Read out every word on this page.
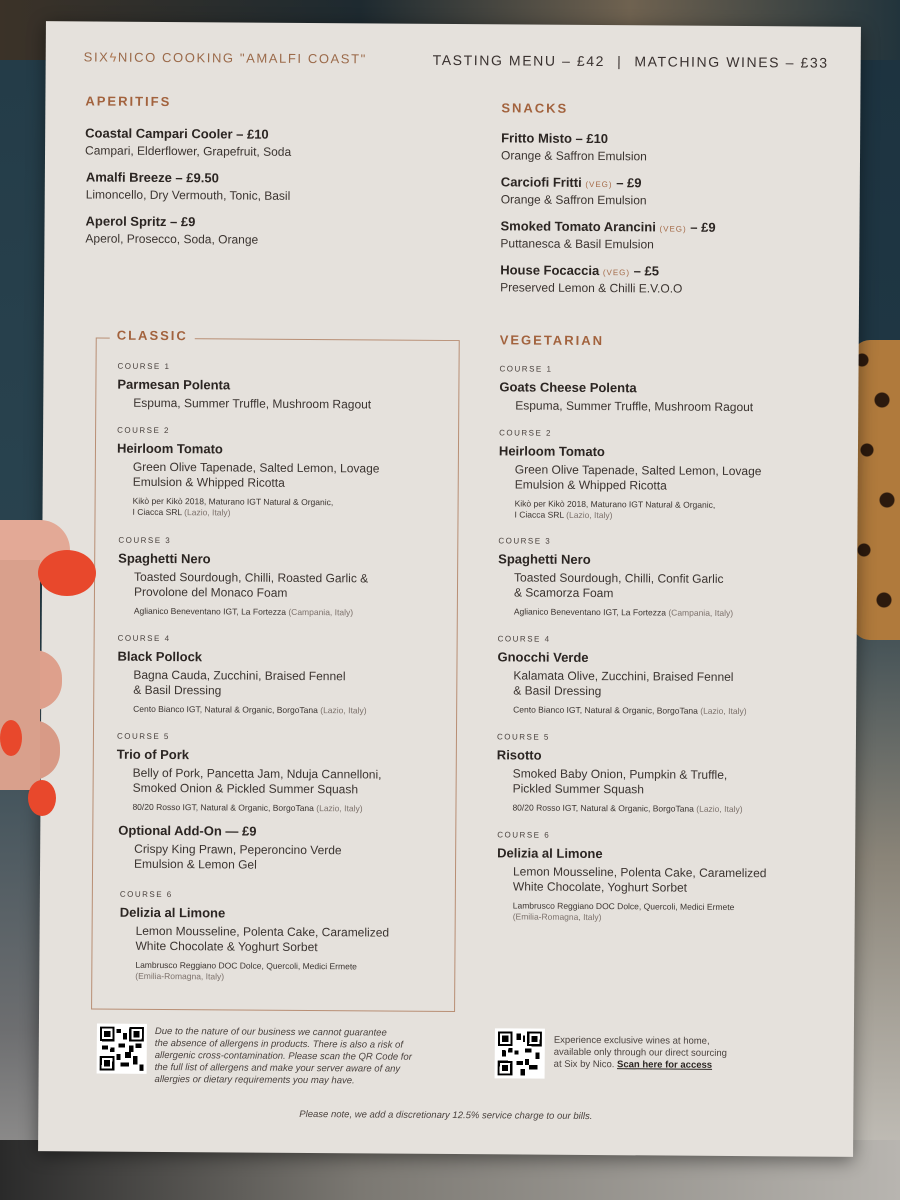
SIXϟNICO COOKING "AMALFI COAST"	TASTING MENU – £42 | MATCHING WINES – £33
APERITIFS
Coastal Campari Cooler – £10
Campari, Elderflower, Grapefruit, Soda
Amalfi Breeze – £9.50
Limoncello, Dry Vermouth, Tonic, Basil
Aperol Spritz – £9
Aperol, Prosecco, Soda, Orange
SNACKS
Fritto Misto – £10
Orange & Saffron Emulsion
Carciofi Fritti (VEG) – £9
Orange & Saffron Emulsion
Smoked Tomato Arancini (VEG) – £9
Puttanesca & Basil Emulsion
House Focaccia (VEG) – £5
Preserved Lemon & Chilli E.V.O.O
CLASSIC
COURSE 1
Parmesan Polenta
Espuma, Summer Truffle, Mushroom Ragout
COURSE 2
Heirloom Tomato
Green Olive Tapenade, Salted Lemon, Lovage
Emulsion & Whipped Ricotta
Kikò per Kikò 2018, Maturano IGT Natural & Organic,
I Ciacca SRL (Lazio, Italy)
COURSE 3
Spaghetti Nero
Toasted Sourdough, Chilli, Roasted Garlic &
Provolone del Monaco Foam
Aglianico Beneventano IGT, La Fortezza (Campania, Italy)
COURSE 4
Black Pollock
Bagna Cauda, Zucchini, Braised Fennel
& Basil Dressing
Cento Bianco IGT, Natural & Organic, BorgoTana (Lazio, Italy)
COURSE 5
Trio of Pork
Belly of Pork, Pancetta Jam, Nduja Cannelloni,
Smoked Onion & Pickled Summer Squash
80/20 Rosso IGT, Natural & Organic, BorgoTana (Lazio, Italy)
Optional Add-On — £9
Crispy King Prawn, Peperoncino Verde
Emulsion & Lemon Gel
COURSE 6
Delizia al Limone
Lemon Mousseline, Polenta Cake, Caramelized
White Chocolate & Yoghurt Sorbet
Lambrusco Reggiano DOC Dolce, Quercoli, Medici Ermete
(Emilia-Romagna, Italy)
VEGETARIAN
COURSE 1
Goats Cheese Polenta
Espuma, Summer Truffle, Mushroom Ragout
COURSE 2
Heirloom Tomato
Green Olive Tapenade, Salted Lemon, Lovage
Emulsion & Whipped Ricotta
Kikò per Kikò 2018, Maturano IGT Natural & Organic,
I Ciacca SRL (Lazio, Italy)
COURSE 3
Spaghetti Nero
Toasted Sourdough, Chilli, Confit Garlic
& Scamorza Foam
Aglianico Beneventano IGT, La Fortezza (Campania, Italy)
COURSE 4
Gnocchi Verde
Kalamata Olive, Zucchini, Braised Fennel
& Basil Dressing
Cento Bianco IGT, Natural & Organic, BorgoTana (Lazio, Italy)
COURSE 5
Risotto
Smoked Baby Onion, Pumpkin & Truffle,
Pickled Summer Squash
80/20 Rosso IGT, Natural & Organic, BorgoTana (Lazio, Italy)
COURSE 6
Delizia al Limone
Lemon Mousseline, Polenta Cake, Caramelized
White Chocolate, Yoghurt Sorbet
Lambrusco Reggiano DOC Dolce, Quercoli, Medici Ermete
(Emilia-Romagna, Italy)
Due to the nature of our business we cannot guarantee
the absence of allergens in products. There is also a risk of
allergenic cross-contamination. Please scan the QR Code for
the full list of allergens and make your server aware of any
allergies or dietary requirements you may have.
Experience exclusive wines at home,
available only through our direct sourcing
at Six by Nico. Scan here for access
Please note, we add a discretionary 12.5% service charge to our bills.
